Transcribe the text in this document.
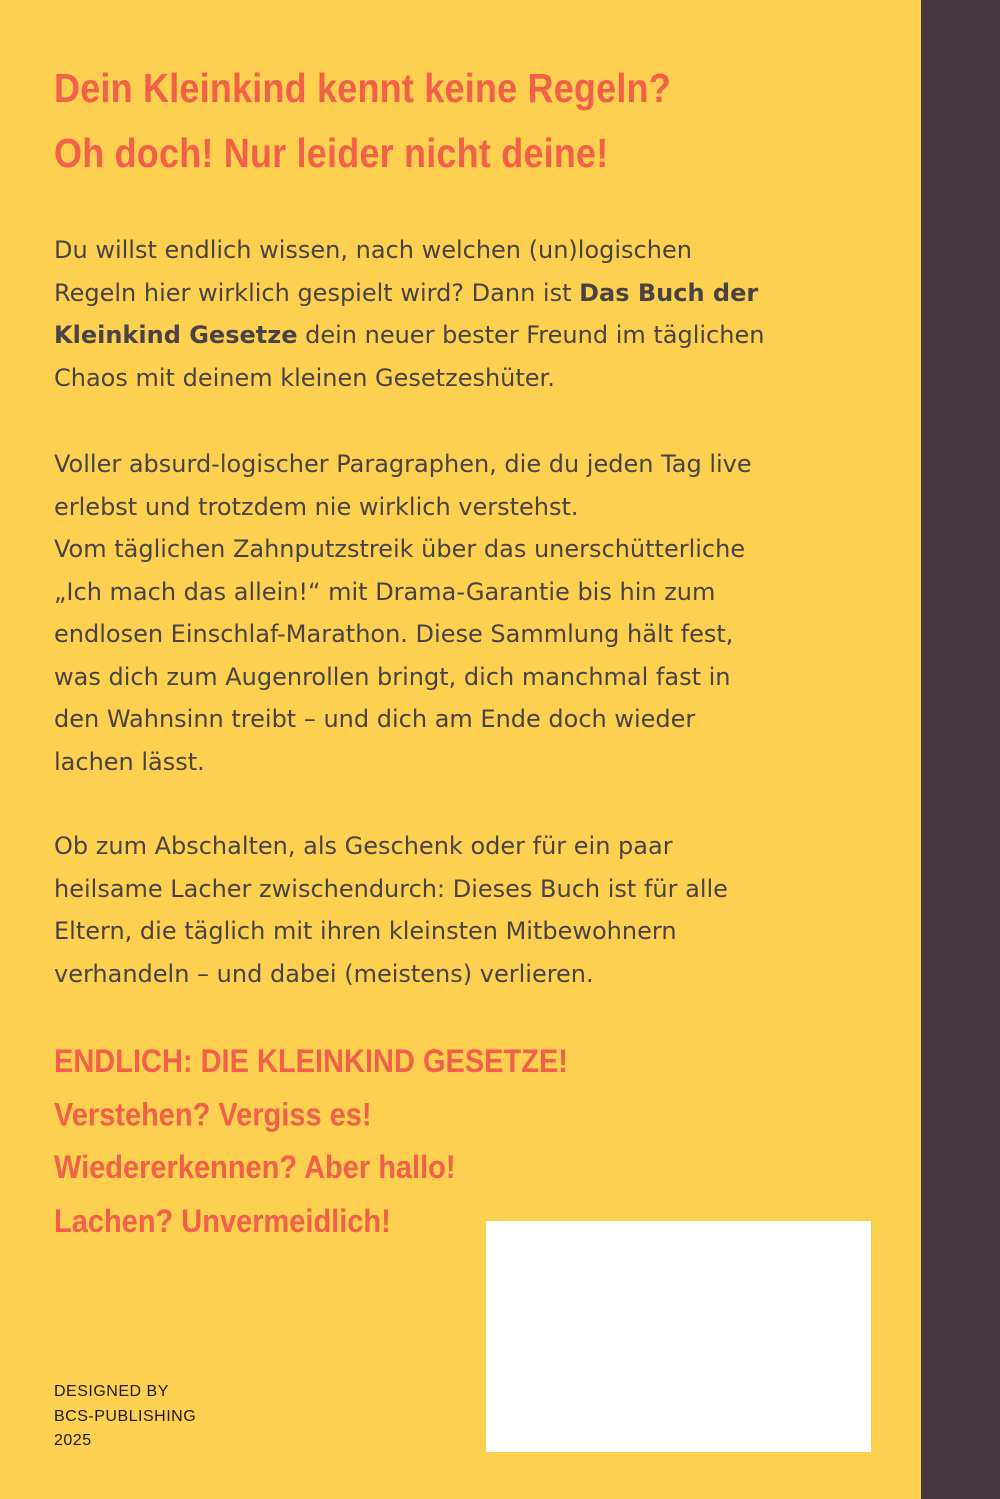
Dein Kleinkind kennt keine Regeln?
Oh doch! Nur leider nicht deine!

Du willst endlich wissen, nach welchen (un)logischen
Regeln hier wirklich gespielt wird? Dann ist Das Buch der
Kleinkind Gesetze dein neuer bester Freund im täglichen
Chaos mit deinem kleinen Gesetzeshüter.

Voller absurd-logischer Paragraphen, die du jeden Tag live
erlebst und trotzdem nie wirklich verstehst.
Vom täglichen Zahnputzstreik über das unerschütterliche
„Ich mach das allein!“ mit Drama-Garantie bis hin zum
endlosen Einschlaf-Marathon. Diese Sammlung hält fest,
was dich zum Augenrollen bringt, dich manchmal fast in
den Wahnsinn treibt – und dich am Ende doch wieder
lachen lässt.

Ob zum Abschalten, als Geschenk oder für ein paar
heilsame Lacher zwischendurch: Dieses Buch ist für alle
Eltern, die täglich mit ihren kleinsten Mitbewohnern
verhandeln – und dabei (meistens) verlieren.

ENDLICH: DIE KLEINKIND GESETZE!
Verstehen? Vergiss es!
Wiedererkennen? Aber hallo!
Lachen? Unvermeidlich!

DESIGNED BY
BCS-PUBLISHING
2025
